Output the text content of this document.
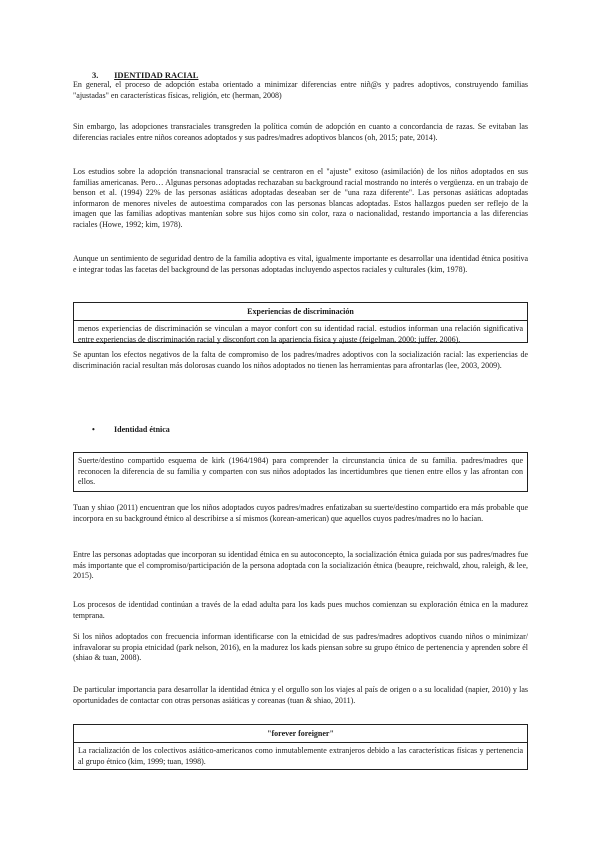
3. IDENTIDAD RACIAL

En general, el proceso de adopción estaba orientado a minimizar diferencias entre niñ@s y padres adoptivos, construyendo familias "ajustadas" en características físicas, religión, etc (herman, 2008)

Sin embargo, las adopciones transraciales transgreden la política común de adopción en cuanto a concordancia de razas. Se evitaban las diferencias raciales entre niños coreanos adoptados y sus padres/madres adoptivos blancos (oh, 2015; pate, 2014).

Los estudios sobre la adopción transnacional transracial se centraron en el "ajuste" exitoso (asimilación) de los niños adoptados en sus familias americanas. Pero… Algunas personas adoptadas rechazaban su background racial mostrando no interés o vergüenza. en un trabajo de benson et al. (1994) 22% de las personas asiáticas adoptadas deseaban ser de "una raza diferente". Las personas asiáticas adoptadas informaron de menores niveles de autoestima comparados con las personas blancas adoptadas. Estos hallazgos pueden ser reflejo de la imagen que las familias adoptivas mantenían sobre sus hijos como sin color, raza o nacionalidad, restando importancia a las diferencias raciales (Howe, 1992; kim, 1978).

Aunque un sentimiento de seguridad dentro de la familia adoptiva es vital, igualmente importante es desarrollar una identidad étnica positiva e integrar todas las facetas del background de las personas adoptadas incluyendo aspectos raciales y culturales (kim, 1978).

Experiencias de discriminación
menos experiencias de discriminación se vinculan a mayor confort con su identidad racial. estudios informan una relación significativa entre experiencias de discriminación racial y disconfort con la apariencia física y ajuste (feigelman, 2000; juffer, 2006).

Se apuntan los efectos negativos de la falta de compromiso de los padres/madres adoptivos con la socialización racial: las experiencias de discriminación racial resultan más dolorosas cuando los niños adoptados no tienen las herramientas para afrontarlas (lee, 2003, 2009).

• Identidad étnica
Suerte/destino compartido esquema de kirk (1964/1984) para comprender la circunstancia única de su familia. padres/madres que reconocen la diferencia de su familia y comparten con sus niños adoptados las incertidumbres que tienen entre ellos y las afrontan con ellos.

Tuan y shiao (2011) encuentran que los niños adoptados cuyos padres/madres enfatizaban su suerte/destino compartido era más probable que incorpora en su background étnico al describirse a sí mismos (korean-american) que aquellos cuyos padres/madres no lo hacían.

Entre las personas adoptadas que incorporan su identidad étnica en su autoconcepto, la socialización étnica guiada por sus padres/madres fue más importante que el compromiso/participación de la persona adoptada con la socialización étnica (beaupre, reichwald, zhou, raleigh, & lee, 2015).

Los procesos de identidad continúan a través de la edad adulta para los kads pues muchos comienzan su exploración étnica en la madurez temprana.

Si los niños adoptados con frecuencia informan identificarse con la etnicidad de sus padres/madres adoptivos cuando niños o minimizar/ infravalorar su propia etnicidad (park nelson, 2016), en la madurez los kads piensan sobre su grupo étnico de pertenencia y aprenden sobre él (shiao & tuan, 2008).

De particular importancia para desarrollar la identidad étnica y el orgullo son los viajes al país de origen o a su localidad (napier, 2010) y las oportunidades de contactar con otras personas asiáticas y coreanas (tuan & shiao, 2011).

"forever foreigner"
La racialización de los colectivos asiático-americanos como inmutablemente extranjeros debido a las características físicas y pertenencia al grupo étnico (kim, 1999; tuan, 1998).
